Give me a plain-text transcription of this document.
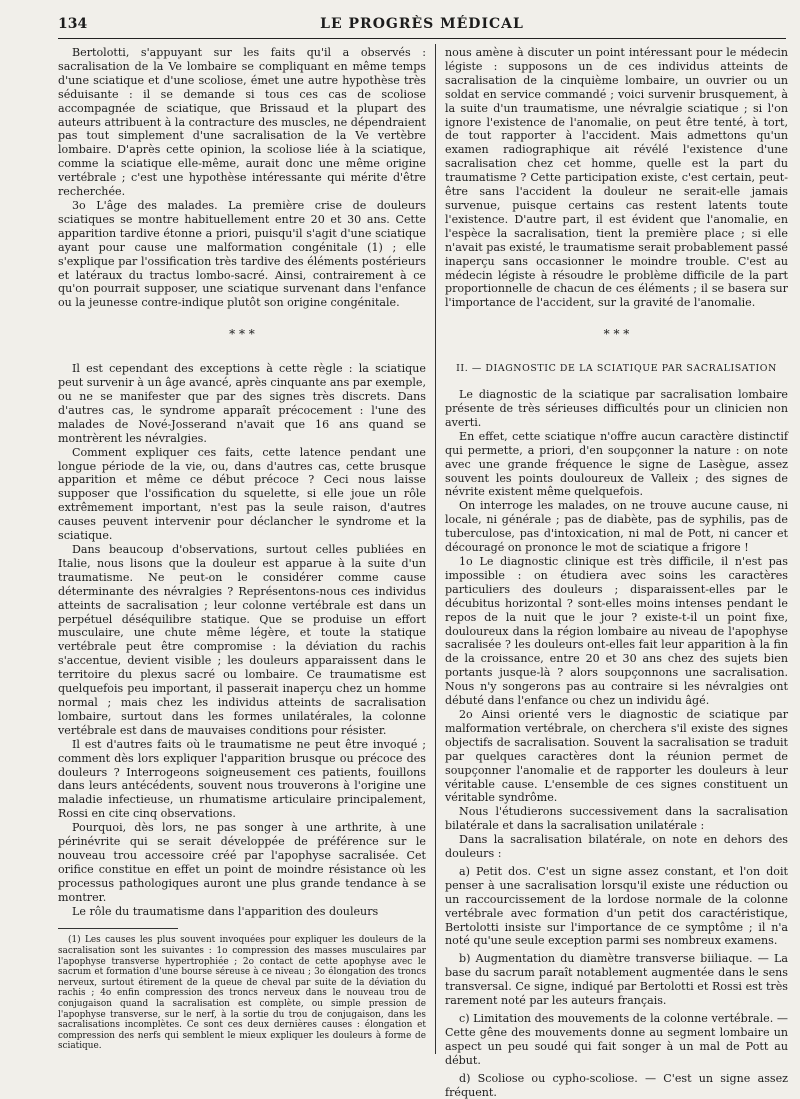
134	LE PROGRÈS MÉDICAL

Bertolotti, s'appuyant sur les faits qu'il a observés : sacralisation de la Ve lombaire se compliquant en même temps d'une sciatique et d'une scoliose, émet une autre hypothèse très séduisante : il se demande si tous ces cas de scoliose accompagnée de sciatique, que Brissaud et la plupart des auteurs attribuent à la contracture des muscles, ne dépendraient pas tout simplement d'une sacralisation de la Ve vertèbre lombaire. D'après cette opinion, la scoliose liée à la sciatique, comme la sciatique elle-même, aurait donc une même origine vertébrale ; c'est une hypothèse intéressante qui mérite d'être recherchée.

3o L'âge des malades. La première crise de douleurs sciatiques se montre habituellement entre 20 et 30 ans. Cette apparition tardive étonne a priori, puisqu'il s'agit d'une sciatique ayant pour cause une malformation congénitale (1) ; elle s'explique par l'ossification très tardive des éléments postérieurs et latéraux du tractus lombo-sacré. Ainsi, contrairement à ce qu'on pourrait supposer, une sciatique survenant dans l'enfance ou la jeunesse contre-indique plutôt son origine congénitale.

* * *

Il est cependant des exceptions à cette règle : la sciatique peut survenir à un âge avancé, après cinquante ans par exemple, ou ne se manifester que par des signes très discrets. Dans d'autres cas, le syndrome apparaît précocement : l'une des malades de Nové-Josserand n'avait que 16 ans quand se montrèrent les névralgies.

Comment expliquer ces faits, cette latence pendant une longue période de la vie, ou, dans d'autres cas, cette brusque apparition et même ce début précoce ? Ceci nous laisse supposer que l'ossification du squelette, si elle joue un rôle extrêmement important, n'est pas la seule raison, d'autres causes peuvent intervenir pour déclancher le syndrome et la sciatique.

Dans beaucoup d'observations, surtout celles publiées en Italie, nous lisons que la douleur est apparue à la suite d'un traumatisme. Ne peut-on le considérer comme cause déterminante des névralgies ? Représentons-nous ces individus atteints de sacralisation ; leur colonne vertébrale est dans un perpétuel déséquilibre statique. Que se produise un effort musculaire, une chute même légère, et toute la statique vertébrale peut être compromise : la déviation du rachis s'accentue, devient visible ; les douleurs apparaissent dans le territoire du plexus sacré ou lombaire. Ce traumatisme est quelquefois peu important, il passerait inaperçu chez un homme normal ; mais chez les individus atteints de sacralisation lombaire, surtout dans les formes unilatérales, la colonne vertébrale est dans de mauvaises conditions pour résister.

Il est d'autres faits où le traumatisme ne peut être invoqué ; comment dès lors expliquer l'apparition brusque ou précoce des douleurs ? Interrogeons soigneusement ces patients, fouillons dans leurs antécédents, souvent nous trouverons à l'origine une maladie infectieuse, un rhumatisme articulaire principalement, Rossi en cite cinq observations.

Pourquoi, dès lors, ne pas songer à une arthrite, à une périnévrite qui se serait développée de préférence sur le nouveau trou accessoire créé par l'apophyse sacralisée. Cet orifice constitue en effet un point de moindre résistance où les processus pathologiques auront une plus grande tendance à se montrer.

Le rôle du traumatisme dans l'apparition des douleurs

(1) Les causes les plus souvent invoquées pour expliquer les douleurs de la sacralisation sont les suivantes : 1o compression des masses musculaires par l'apophyse transverse hypertrophiée ; 2o contact de cette apophyse avec le sacrum et formation d'une bourse séreuse à ce niveau ; 3o élongation des troncs nerveux, surtout étirement de la queue de cheval par suite de la déviation du rachis ; 4o enfin compression des troncs nerveux dans le nouveau trou de conjugaison quand la sacralisation est complète, ou simple pression de l'apophyse transverse, sur le nerf, à la sortie du trou de conjugaison, dans les sacralisations incomplètes. Ce sont ces deux dernières causes : élongation et compression des nerfs qui semblent le mieux expliquer les douleurs à forme de sciatique.

nous amène à discuter un point intéressant pour le médecin légiste : supposons un de ces individus atteints de sacralisation de la cinquième lombaire, un ouvrier ou un soldat en service commandé ; voici survenir brusquement, à la suite d'un traumatisme, une névralgie sciatique ; si l'on ignore l'existence de l'anomalie, on peut être tenté, à tort, de tout rapporter à l'accident. Mais admettons qu'un examen radiographique ait révélé l'existence d'une sacralisation chez cet homme, quelle est la part du traumatisme ? Cette participation existe, c'est certain, peut-être sans l'accident la douleur ne serait-elle jamais survenue, puisque certains cas restent latents toute l'existence. D'autre part, il est évident que l'anomalie, en l'espèce la sacralisation, tient la première place ; si elle n'avait pas existé, le traumatisme serait probablement passé inaperçu sans occasionner le moindre trouble. C'est au médecin légiste à résoudre le problème difficile de la part proportionnelle de chacun de ces éléments ; il se basera sur l'importance de l'accident, sur la gravité de l'anomalie.

* * *

II. — DIAGNOSTIC DE LA SCIATIQUE PAR SACRALISATION

Le diagnostic de la sciatique par sacralisation lombaire présente de très sérieuses difficultés pour un clinicien non averti.

En effet, cette sciatique n'offre aucun caractère distinctif qui permette, a priori, d'en soupçonner la nature : on note avec une grande fréquence le signe de Lasègue, assez souvent les points douloureux de Valleix ; des signes de névrite existent même quelquefois.

On interroge les malades, on ne trouve aucune cause, ni locale, ni générale ; pas de diabète, pas de syphilis, pas de tuberculose, pas d'intoxication, ni mal de Pott, ni cancer et découragé on prononce le mot de sciatique a frigore !

1o Le diagnostic clinique est très difficile, il n'est pas impossible : on étudiera avec soins les caractères particuliers des douleurs ; disparaissent-elles par le décubitus horizontal ? sont-elles moins intenses pendant le repos de la nuit que le jour ? existe-t-il un point fixe, douloureux dans la région lombaire au niveau de l'apophyse sacralisée ? les douleurs ont-elles fait leur apparition à la fin de la croissance, entre 20 et 30 ans chez des sujets bien portants jusque-là ? alors soupçonnons une sacralisation. Nous n'y songerons pas au contraire si les névralgies ont débuté dans l'enfance ou chez un individu âgé.

2o Ainsi orienté vers le diagnostic de sciatique par malformation vertébrale, on cherchera s'il existe des signes objectifs de sacralisation. Souvent la sacralisation se traduit par quelques caractères dont la réunion permet de soupçonner l'anomalie et de rapporter les douleurs à leur véritable cause. L'ensemble de ces signes constituent un véritable syndrôme.

Nous l'étudierons successivement dans la sacralisation bilatérale et dans la sacralisation unilatérale :

Dans la sacralisation bilatérale, on note en dehors des douleurs :

a) Petit dos. C'est un signe assez constant, et l'on doit penser à une sacralisation lorsqu'il existe une réduction ou un raccourcissement de la lordose normale de la colonne vertébrale avec formation d'un petit dos caractéristique, Bertolotti insiste sur l'importance de ce symptôme ; il n'a noté qu'une seule exception parmi ses nombreux examens.

b) Augmentation du diamètre transverse biiliaque. — La base du sacrum paraît notablement augmentée dans le sens transversal. Ce signe, indiqué par Bertolotti et Rossi est très rarement noté par les auteurs français.

c) Limitation des mouvements de la colonne vertébrale. — Cette gêne des mouvements donne au segment lombaire un aspect un peu soudé qui fait songer à un mal de Pott au début.

d) Scoliose ou cypho-scoliose. — C'est un signe assez fréquent.
